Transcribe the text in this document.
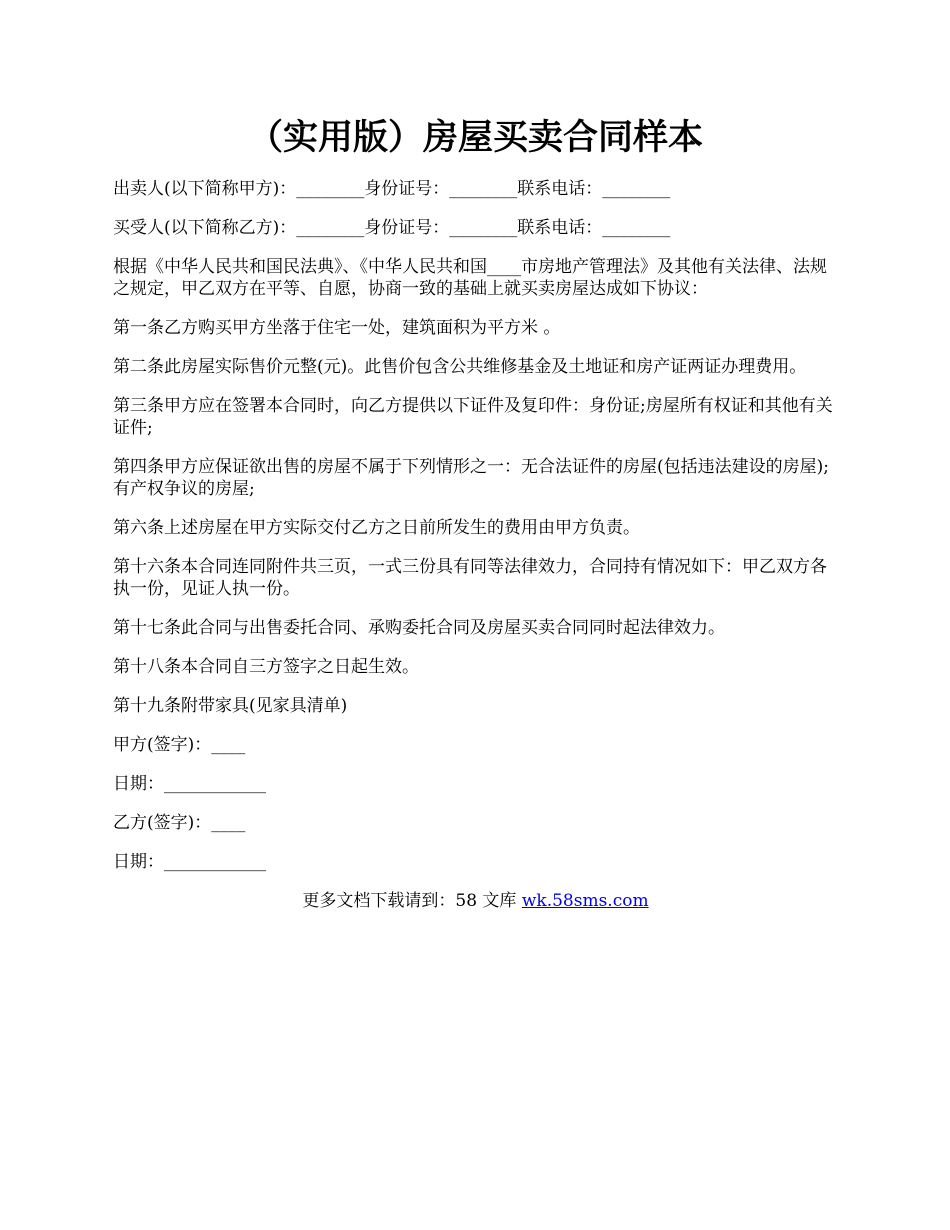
（实用版）房屋买卖合同样本

出卖人(以下简称甲方)：________身份证号：________联系电话：________

买受人(以下简称乙方)：________身份证号：________联系电话：________

根据《中华人民共和国民法典》、《中华人民共和国____市房地产管理法》及其他有关法律、法规之规定，甲乙双方在平等、自愿，协商一致的基础上就买卖房屋达成如下协议：

第一条乙方购买甲方坐落于住宅一处，建筑面积为平方米 。

第二条此房屋实际售价元整(元)。此售价包含公共维修基金及土地证和房产证两证办理费用。

第三条甲方应在签署本合同时，向乙方提供以下证件及复印件：身份证;房屋所有权证和其他有关证件;

第四条甲方应保证欲出售的房屋不属于下列情形之一：无合法证件的房屋(包括违法建设的房屋);有产权争议的房屋;

第六条上述房屋在甲方实际交付乙方之日前所发生的费用由甲方负责。

第十六条本合同连同附件共三页，一式三份具有同等法律效力，合同持有情况如下：甲乙双方各执一份，见证人执一份。

第十七条此合同与出售委托合同、承购委托合同及房屋买卖合同同时起法律效力。

第十八条本合同自三方签字之日起生效。

第十九条附带家具(见家具清单)

甲方(签字)：____

日期：____________

乙方(签字)：____

日期：____________

更多文档下载请到：58 文库 wk.58sms.com
